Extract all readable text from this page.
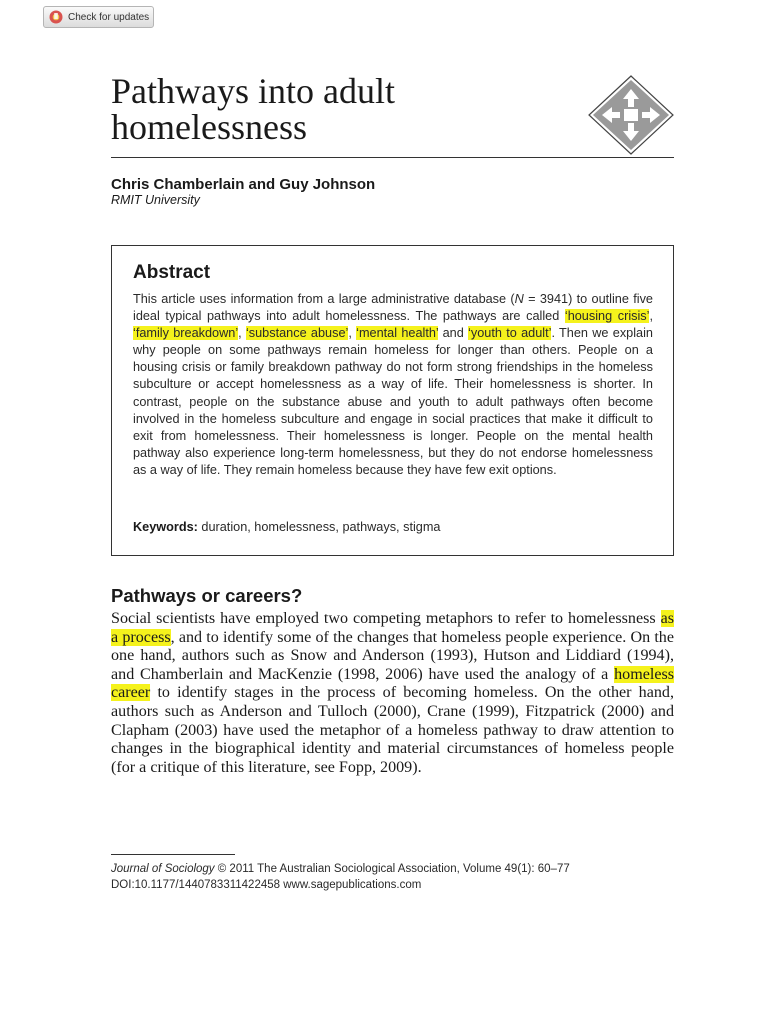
Check for updates
Pathways into adult homelessness
Chris Chamberlain and Guy Johnson
RMIT University
Abstract

This article uses information from a large administrative database (N = 3941) to outline five ideal typical pathways into adult homelessness. The pathways are called ‘housing crisis’, ‘family breakdown’, ‘substance abuse’, ‘mental health’ and ‘youth to adult’. Then we explain why people on some pathways remain homeless for longer than others. People on a housing crisis or family breakdown pathway do not form strong friendships in the homeless subculture or accept homelessness as a way of life. Their homelessness is shorter. In contrast, people on the substance abuse and youth to adult pathways often become involved in the homeless subculture and engage in social practices that make it difficult to exit from homelessness. Their homelessness is longer. People on the mental health pathway also experience long-term homelessness, but they do not endorse homelessness as a way of life. They remain homeless because they have few exit options.

Keywords: duration, homelessness, pathways, stigma

Pathways or careers?

Social scientists have employed two competing metaphors to refer to homelessness as a process, and to identify some of the changes that homeless people experience. On the one hand, authors such as Snow and Anderson (1993), Hutson and Liddiard (1994), and Chamberlain and MacKenzie (1998, 2006) have used the analogy of a homeless career to identify stages in the process of becoming homeless. On the other hand, authors such as Anderson and Tulloch (2000), Crane (1999), Fitzpatrick (2000) and Clapham (2003) have used the metaphor of a homeless pathway to draw attention to changes in the biographical identity and material circumstances of homeless people (for a critique of this literature, see Fopp, 2009).

Journal of Sociology © 2011 The Australian Sociological Association, Volume 49(1): 60–77
DOI:10.1177/1440783311422458 www.sagepublications.com
